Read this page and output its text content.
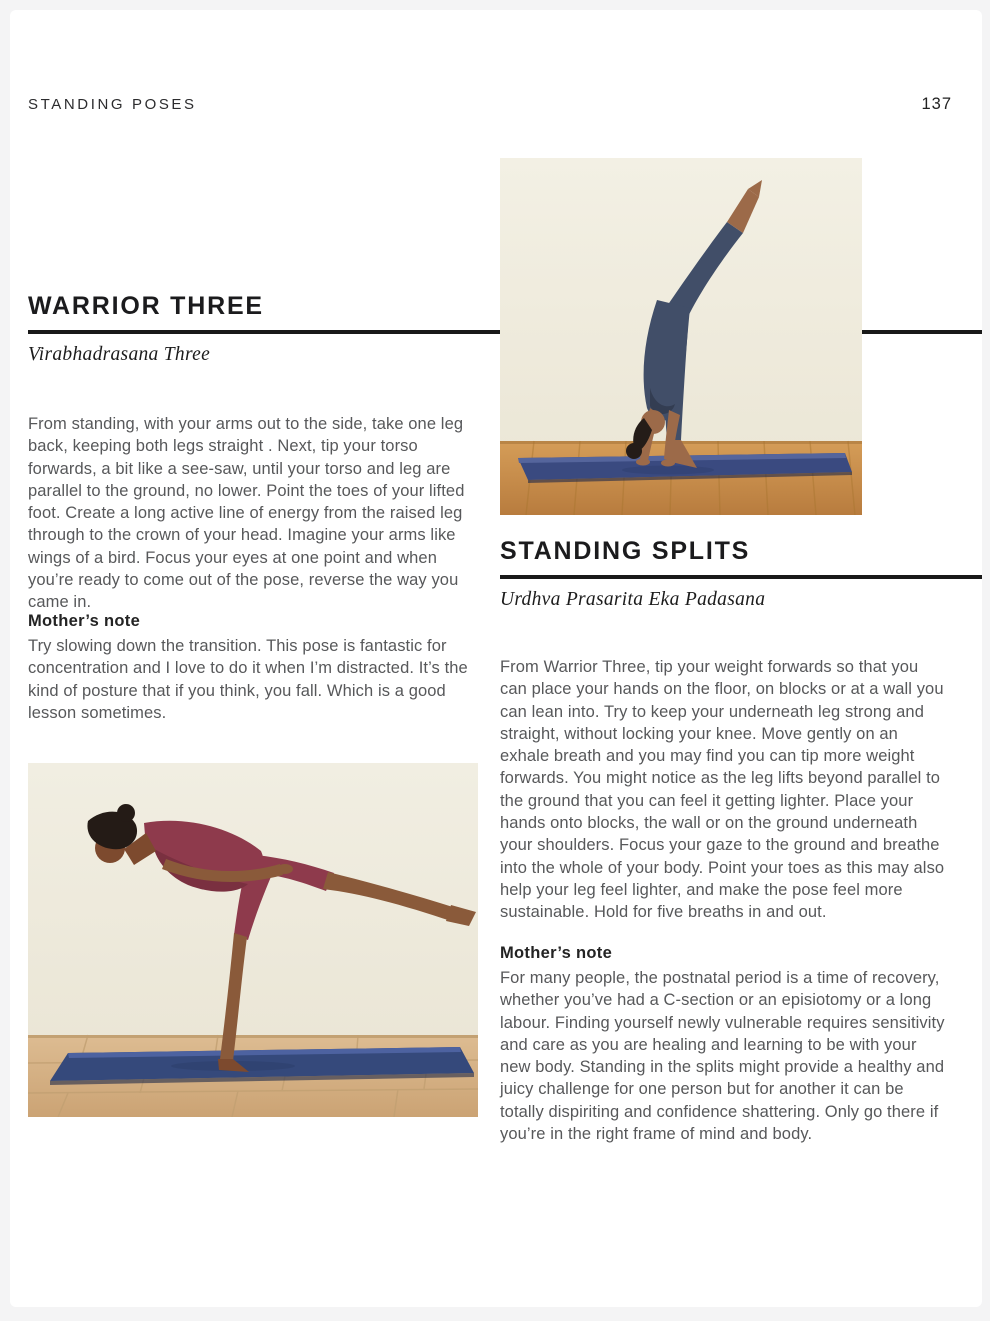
STANDING POSES	137
WARRIOR THREE
Virabhadrasana Three
From standing, with your arms out to the side, take one leg back, keeping both legs straight . Next, tip your torso forwards, a bit like a see-saw, until your torso and leg are parallel to the ground, no lower. Point the toes of your lifted foot. Create a long active line of energy from the raised leg through to the crown of your head. Imagine your arms like wings of a bird. Focus your eyes at one point and when you’re ready to come out of the pose, reverse the way you came in.
Mother’s note
Try slowing down the transition. This pose is fantastic for concentration and I love to do it when I’m distracted. It’s the kind of posture that if you think, you fall. Which is a good lesson sometimes.
STANDING SPLITS
Urdhva Prasarita Eka Padasana
From Warrior Three, tip your weight forwards so that you can place your hands on the floor, on blocks or at a wall you can lean into. Try to keep your underneath leg strong and straight, without locking your knee. Move gently on an exhale breath and you may find you can tip more weight forwards. You might notice as the leg lifts beyond parallel to the ground that you can feel it getting lighter. Place your hands onto blocks, the wall or on the ground underneath your shoulders. Focus your gaze to the ground and breathe into the whole of your body. Point your toes as this may also help your leg feel lighter, and make the pose feel more sustainable. Hold for five breaths in and out.
Mother’s note
For many people, the postnatal period is a time of recovery, whether you’ve had a C-section or an episiotomy or a long labour. Finding yourself newly vulnerable requires sensitivity and care as you are healing and learning to be with your new body. Standing in the splits might provide a healthy and juicy challenge for one person but for another it can be totally dispiriting and confidence shattering. Only go there if you’re in the right frame of mind and body.
